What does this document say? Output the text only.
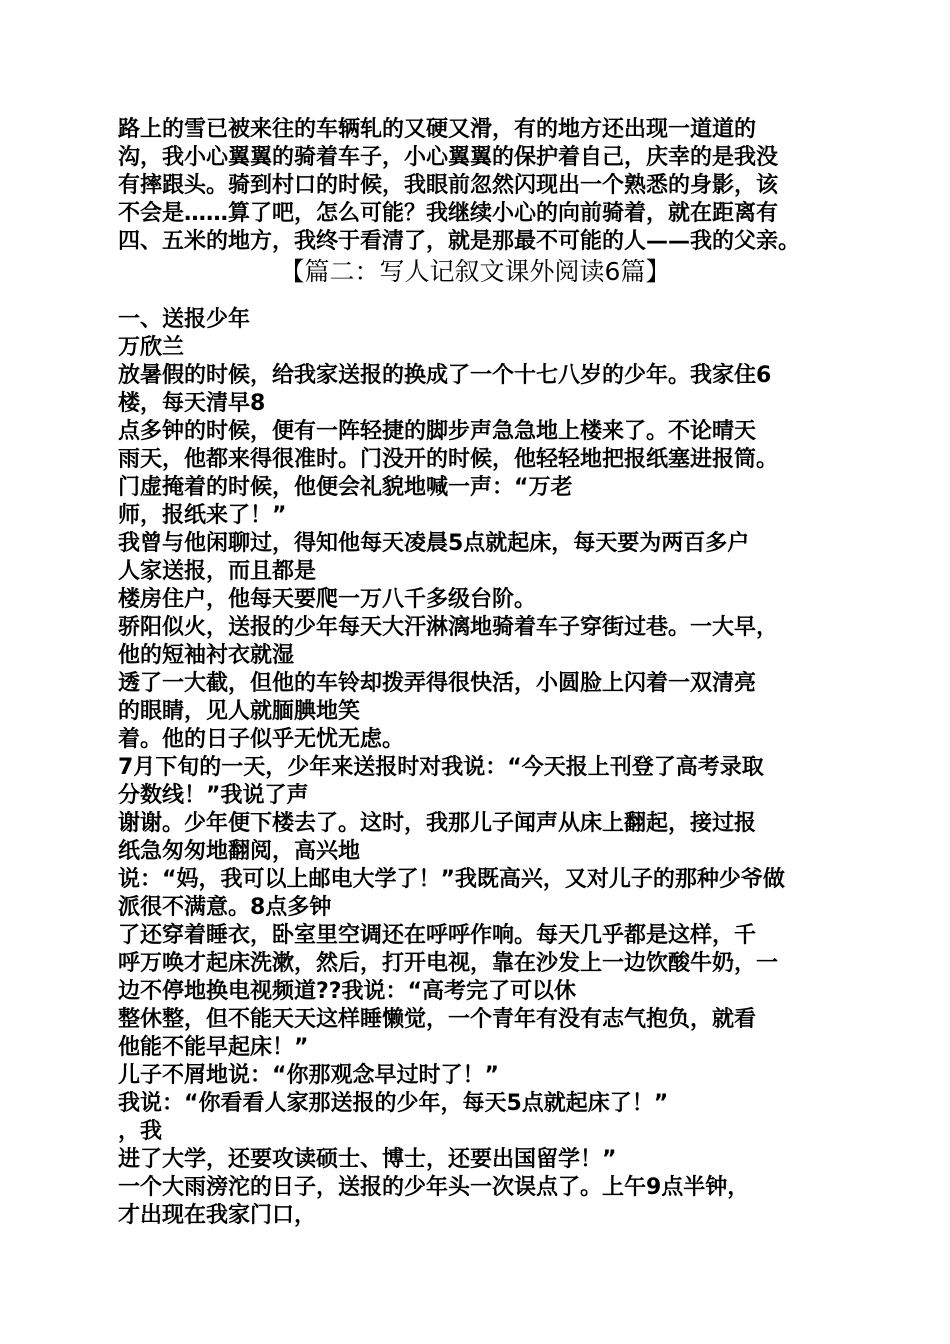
路上的雪已被来往的车辆轧的又硬又滑，有的地方还出现一道道的
沟，我小心翼翼的骑着车子，小心翼翼的保护着自己，庆幸的是我没
有摔跟头。骑到村口的时候，我眼前忽然闪现出一个熟悉的身影，该
不会是……算了吧，怎么可能？我继续小心的向前骑着，就在距离有
四、五米的地方，我终于看清了，就是那最不可能的人——我的父亲。
【篇二：写人记叙文课外阅读6篇】
一、送报少年
万欣兰
放暑假的时候，给我家送报的换成了一个十七八岁的少年。我家住6
楼，每天清早8
点多钟的时候，便有一阵轻捷的脚步声急急地上楼来了。不论晴天
雨天，他都来得很准时。门没开的时候，他轻轻地把报纸塞进报筒。
门虚掩着的时候，他便会礼貌地喊一声：“万老
师，报纸来了！”
我曾与他闲聊过，得知他每天凌晨5点就起床，每天要为两百多户
人家送报，而且都是
楼房住户，他每天要爬一万八千多级台阶。
骄阳似火，送报的少年每天大汗淋漓地骑着车子穿街过巷。一大早，
他的短袖衬衣就湿
透了一大截，但他的车铃却拨弄得很快活，小圆脸上闪着一双清亮
的眼睛，见人就腼腆地笑
着。他的日子似乎无忧无虑。
7月下旬的一天，少年来送报时对我说：“今天报上刊登了高考录取
分数线！”我说了声
谢谢。少年便下楼去了。这时，我那儿子闻声从床上翻起，接过报
纸急匆匆地翻阅，高兴地
说：“妈，我可以上邮电大学了！”我既高兴，又对儿子的那种少爷做
派很不满意。8点多钟
了还穿着睡衣，卧室里空调还在呼呼作响。每天几乎都是这样，千
呼万唤才起床洗漱，然后，打开电视，靠在沙发上一边饮酸牛奶，一
边不停地换电视频道??我说：“高考完了可以休
整休整，但不能天天这样睡懒觉，一个青年有没有志气抱负，就看
他能不能早起床！”
儿子不屑地说：“你那观念早过时了！”
我说：“你看看人家那送报的少年，每天5点就起床了！”
，我
进了大学，还要攻读硕士、博士，还要出国留学！”
一个大雨滂沱的日子，送报的少年头一次误点了。上午9点半钟，
才出现在我家门口，
